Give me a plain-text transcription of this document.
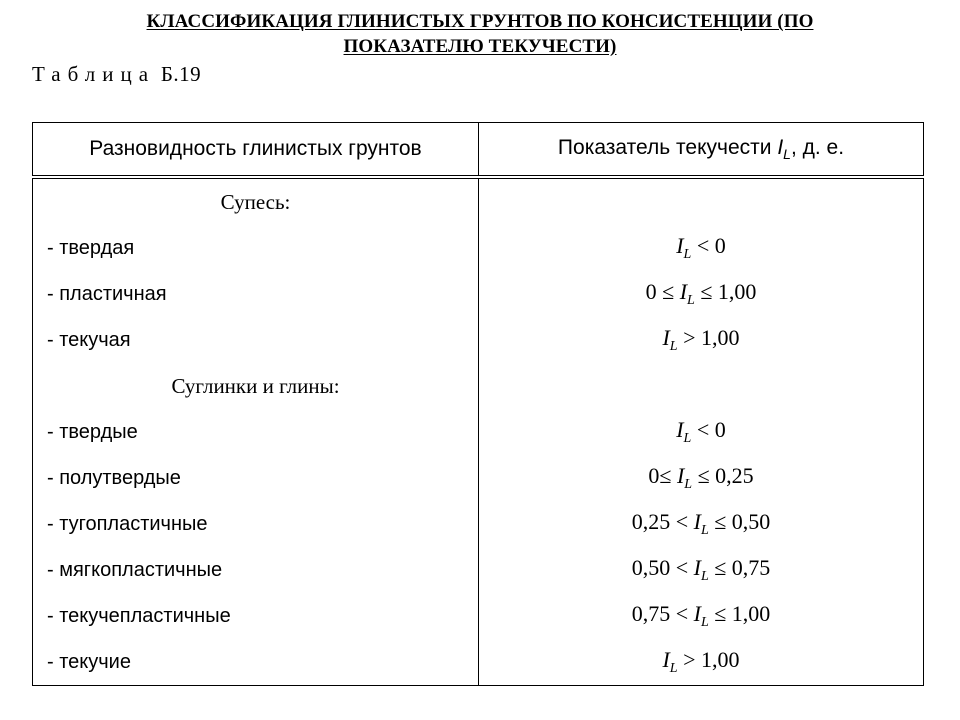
КЛАССИФИКАЦИЯ ГЛИНИСТЫХ ГРУНТОВ ПО КОНСИСТЕНЦИИ (ПО
ПОКАЗАТЕЛЮ ТЕКУЧЕСТИ)
Таблица Б.19
Разновидность глинистых грунтов	Показатель текучести $I_L$, д. е.
Супесь:	
- твердая	$I_L < 0$
- пластичная	$0 \le I_L \le 1,00$
- текучая	$I_L > 1,00$
Суглинки и глины:	
- твердые	$I_L < 0$
- полутвердые	$0\le I_L \le 0,25$
- тугопластичные	$0,25 < I_L \le 0,50$
- мягкопластичные	$0,50 < I_L \le 0,75$
- текучепластичные	$0,75 < I_L \le 1,00$
- текучие	$I_L > 1,00$
